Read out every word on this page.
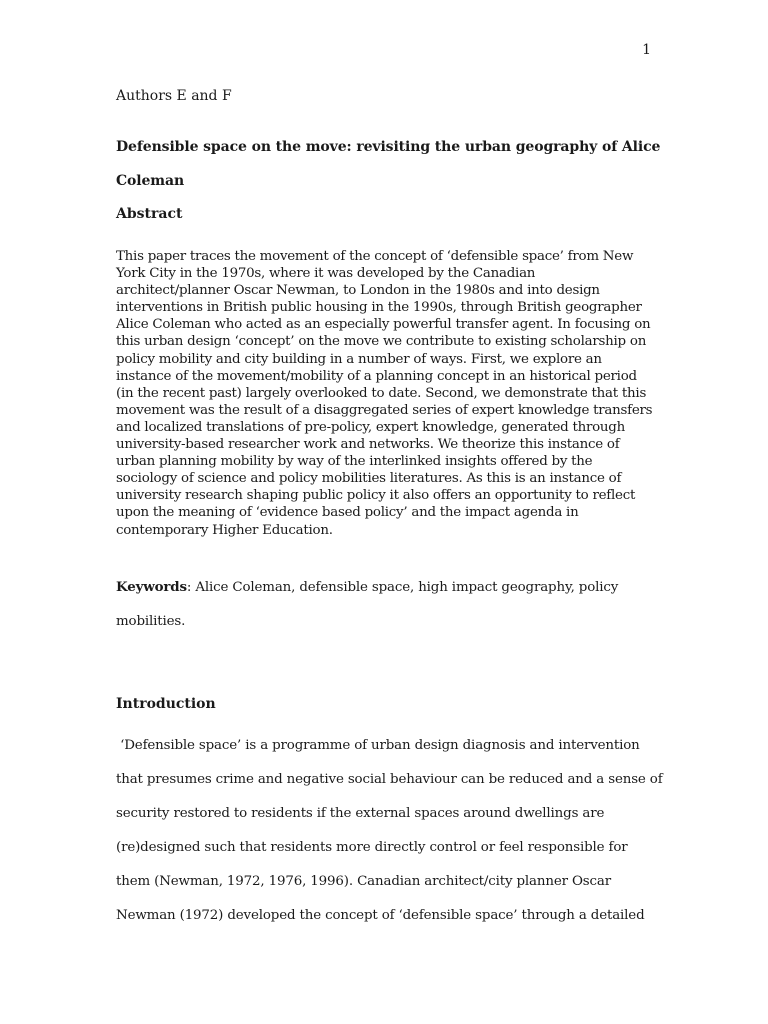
1
Authors E and F
Defensible space on the move: revisiting the urban geography of Alice
Coleman
Abstract
This paper traces the movement of the concept of ‘defensible space’ from New
York City in the 1970s, where it was developed by the Canadian
architect/planner Oscar Newman, to London in the 1980s and into design
interventions in British public housing in the 1990s, through British geographer
Alice Coleman who acted as an especially powerful transfer agent. In focusing on
this urban design ‘concept’ on the move we contribute to existing scholarship on
policy mobility and city building in a number of ways. First, we explore an
instance of the movement/mobility of a planning concept in an historical period
(in the recent past) largely overlooked to date. Second, we demonstrate that this
movement was the result of a disaggregated series of expert knowledge transfers
and localized translations of pre-policy, expert knowledge, generated through
university-based researcher work and networks. We theorize this instance of
urban planning mobility by way of the interlinked insights offered by the
sociology of science and policy mobilities literatures. As this is an instance of
university research shaping public policy it also offers an opportunity to reflect
upon the meaning of ‘evidence based policy’ and the impact agenda in
contemporary Higher Education.
Keywords: Alice Coleman, defensible space, high impact geography, policy
mobilities.
Introduction
‘Defensible space’ is a programme of urban design diagnosis and intervention
that presumes crime and negative social behaviour can be reduced and a sense of
security restored to residents if the external spaces around dwellings are
(re)designed such that residents more directly control or feel responsible for
them (Newman, 1972, 1976, 1996). Canadian architect/city planner Oscar
Newman (1972) developed the concept of ‘defensible space’ through a detailed
